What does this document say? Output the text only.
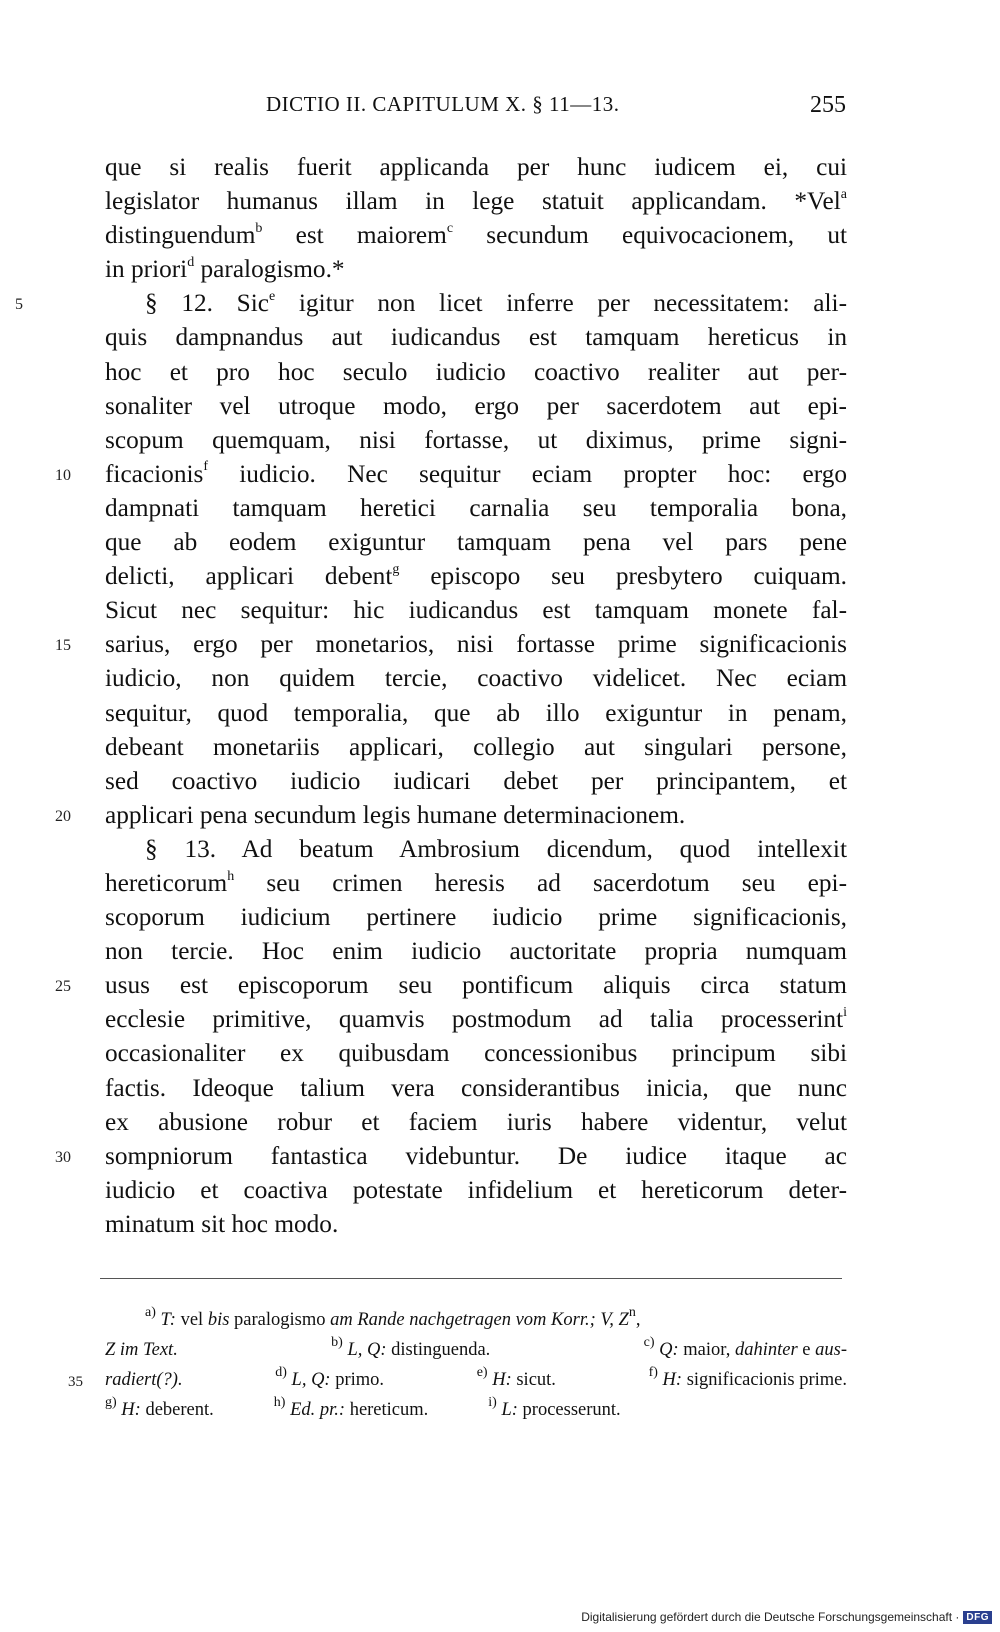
DICTIO II. CAPITULUM X. § 11—13.	255
que si realis fuerit applicanda per hunc iudicem ei, cui
legislator humanus illam in lege statuit applicandam. *Vel$^a$
distinguendum$^b$ est maiorem$^c$ secundum equivocacionem, ut
in priori$^d$ paralogismo.*
5	§ 12. Sic$^e$ igitur non licet inferre per necessitatem: ali-
quis dampnandus aut iudicandus est tamquam hereticus in
hoc et pro hoc seculo iudicio coactivo realiter aut per-
sonaliter vel utroque modo, ergo per sacerdotem aut epi-
scopum quemquam, nisi fortasse, ut diximus, prime signi-
10	ficacionis$^f$ iudicio. Nec sequitur eciam propter hoc: ergo
dampnati tamquam heretici carnalia seu temporalia bona,
que ab eodem exiguntur tamquam pena vel pars pene
delicti, applicari debent$^g$ episcopo seu presbytero cuiquam.
Sicut nec sequitur: hic iudicandus est tamquam monete fal-
15	sarius, ergo per monetarios, nisi fortasse prime significacionis
iudicio, non quidem tercie, coactivo videlicet. Nec eciam
sequitur, quod temporalia, que ab illo exiguntur in penam,
debeant monetariis applicari, collegio aut singulari persone,
sed coactivo iudicio iudicari debet per principantem, et
20	applicari pena secundum legis humane determinacionem.
§ 13. Ad beatum Ambrosium dicendum, quod intellexit
hereticorum$^h$ seu crimen heresis ad sacerdotum seu epi-
scoporum iudicium pertinere iudicio prime significacionis,
non tercie. Hoc enim iudicio auctoritate propria numquam
25	usus est episcoporum seu pontificum aliquis circa statum
ecclesie primitive, quamvis postmodum ad talia processerint$^i$
occasionaliter ex quibusdam concessionibus principum sibi
factis. Ideoque talium vera considerantibus inicia, que nunc
ex abusione robur et faciem iuris habere videntur, velut
30	sompniorum fantastica videbuntur. De iudice itaque ac
iudicio et coactiva potestate infidelium et hereticorum deter-
minatum sit hoc modo.
$^{a)}$ T: vel bis paralogismo am Rande nachgetragen vom Korr.; V, $Z^n$,
Z im Text.	$^{b)}$ L, Q: distinguenda.	$^{c)}$ Q: maior, dahinter e aus-
35 radiert(?).	$^{d)}$ L, Q: primo.	$^{e)}$ H: sicut.	$^{f)}$ H: significacionis prime.
$^{g)}$ H: deberent.	$^{h)}$ Ed. pr.: hereticum.	$^{i)}$ L: processerunt.
Digitalisierung gefördert durch die Deutsche Forschungsgemeinschaft · DFG
